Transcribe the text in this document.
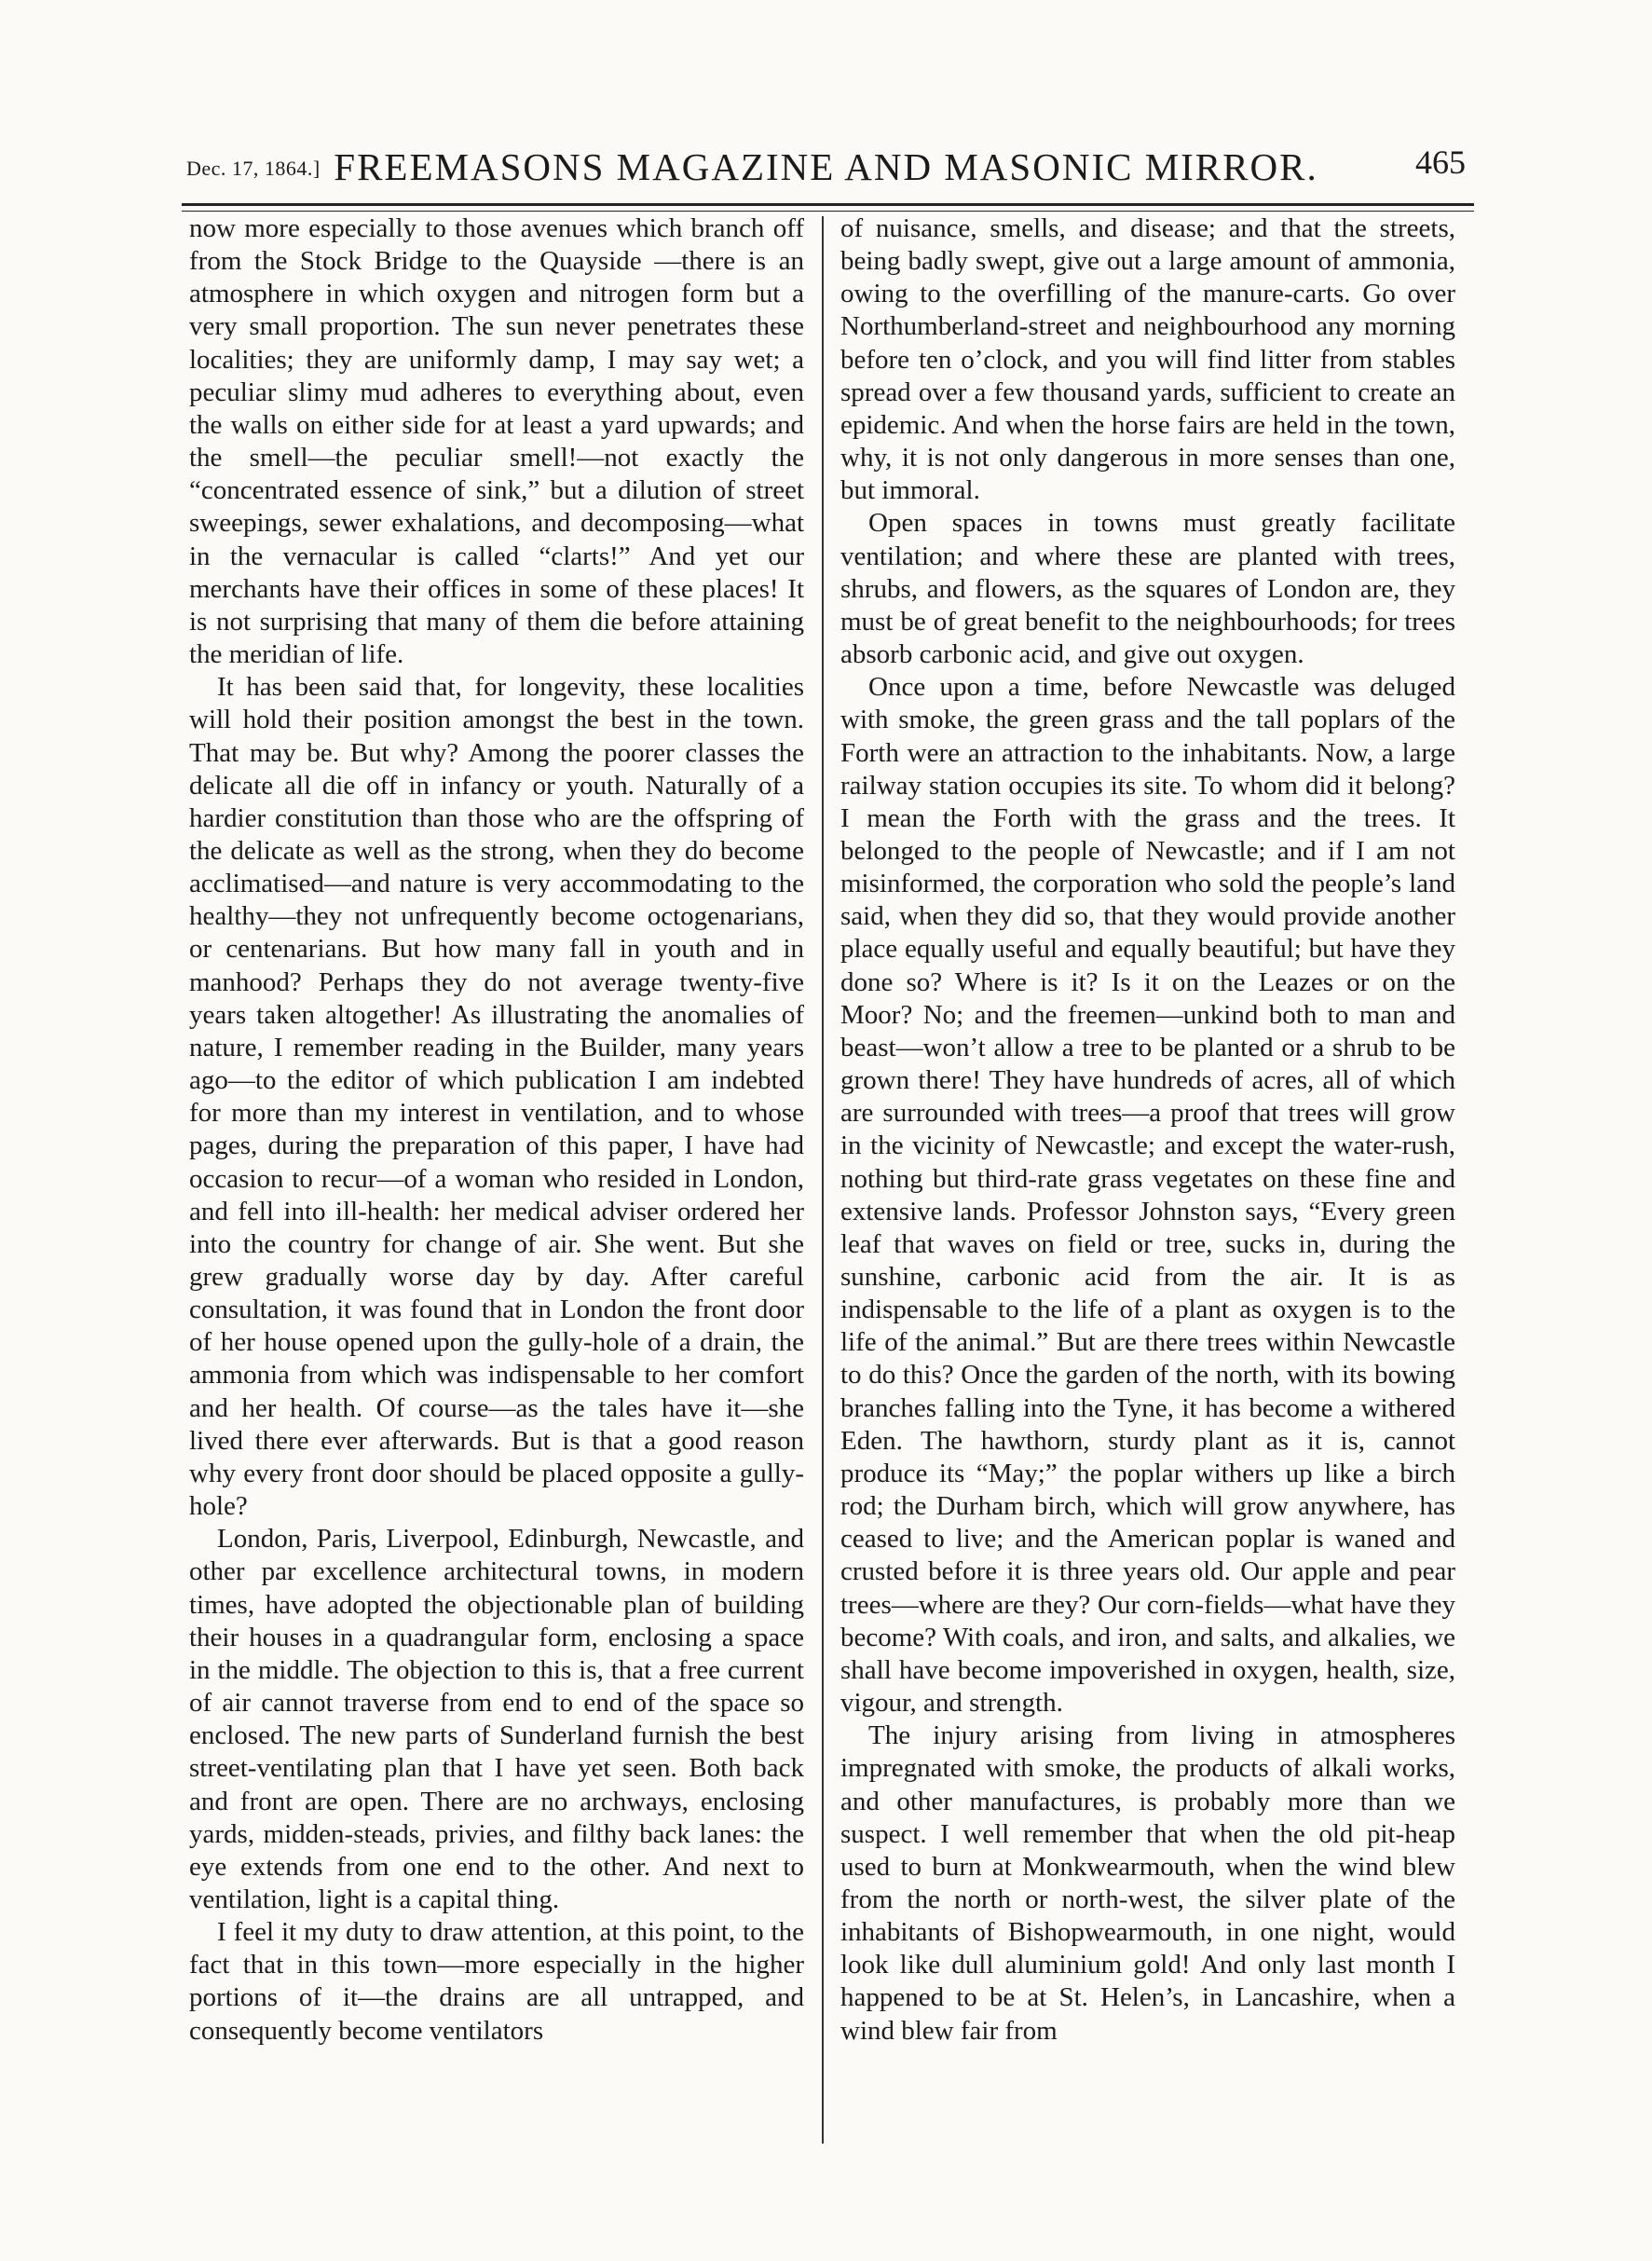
Dec. 17, 1864.] FREEMASONS MAGAZINE AND MASONIC MIRROR.	465

now more especially to those avenues which branch off from the Stock Bridge to the Quayside —there is an atmosphere in which oxygen and nitrogen form but a very small proportion. The sun never penetrates these localities; they are uniformly damp, I may say wet; a peculiar slimy mud adheres to everything about, even the walls on either side for at least a yard upwards; and the smell—the peculiar smell!—not exactly the “concentrated essence of sink,” but a dilution of street sweepings, sewer exhalations, and decomposing—what in the vernacular is called “clarts!” And yet our merchants have their offices in some of these places! It is not surprising that many of them die before attaining the meridian of life.

It has been said that, for longevity, these localities will hold their position amongst the best in the town. That may be. But why? Among the poorer classes the delicate all die off in infancy or youth. Naturally of a hardier constitution than those who are the offspring of the delicate as well as the strong, when they do become acclimatised—and nature is very accommodating to the healthy—they not unfrequently become octogenarians, or centenarians. But how many fall in youth and in manhood? Perhaps they do not average twenty-five years taken altogether! As illustrating the anomalies of nature, I remember reading in the Builder, many years ago—to the editor of which publication I am indebted for more than my interest in ventilation, and to whose pages, during the preparation of this paper, I have had occasion to recur—of a woman who resided in London, and fell into ill-health: her medical adviser ordered her into the country for change of air. She went. But she grew gradually worse day by day. After careful consultation, it was found that in London the front door of her house opened upon the gully-hole of a drain, the ammonia from which was indispensable to her comfort and her health. Of course—as the tales have it—she lived there ever afterwards. But is that a good reason why every front door should be placed opposite a gully-hole?

London, Paris, Liverpool, Edinburgh, Newcastle, and other par excellence architectural towns, in modern times, have adopted the objectionable plan of building their houses in a quadrangular form, enclosing a space in the middle. The objection to this is, that a free current of air cannot traverse from end to end of the space so enclosed. The new parts of Sunderland furnish the best street-ventilating plan that I have yet seen. Both back and front are open. There are no archways, enclosing yards, midden-steads, privies, and filthy back lanes: the eye extends from one end to the other. And next to ventilation, light is a capital thing.

I feel it my duty to draw attention, at this point, to the fact that in this town—more especially in the higher portions of it—the drains are all untrapped, and consequently become ventilators

of nuisance, smells, and disease; and that the streets, being badly swept, give out a large amount of ammonia, owing to the overfilling of the manure-carts. Go over Northumberland-street and neighbourhood any morning before ten o’clock, and you will find litter from stables spread over a few thousand yards, sufficient to create an epidemic. And when the horse fairs are held in the town, why, it is not only dangerous in more senses than one, but immoral.

Open spaces in towns must greatly facilitate ventilation; and where these are planted with trees, shrubs, and flowers, as the squares of London are, they must be of great benefit to the neighbourhoods; for trees absorb carbonic acid, and give out oxygen.

Once upon a time, before Newcastle was deluged with smoke, the green grass and the tall poplars of the Forth were an attraction to the inhabitants. Now, a large railway station occupies its site. To whom did it belong? I mean the Forth with the grass and the trees. It belonged to the people of Newcastle; and if I am not misinformed, the corporation who sold the people’s land said, when they did so, that they would provide another place equally useful and equally beautiful; but have they done so? Where is it? Is it on the Leazes or on the Moor? No; and the freemen—unkind both to man and beast—won’t allow a tree to be planted or a shrub to be grown there! They have hundreds of acres, all of which are surrounded with trees—a proof that trees will grow in the vicinity of Newcastle; and except the water-rush, nothing but third-rate grass vegetates on these fine and extensive lands. Professor Johnston says, “Every green leaf that waves on field or tree, sucks in, during the sunshine, carbonic acid from the air. It is as indispensable to the life of a plant as oxygen is to the life of the animal.” But are there trees within Newcastle to do this? Once the garden of the north, with its bowing branches falling into the Tyne, it has become a withered Eden. The hawthorn, sturdy plant as it is, cannot produce its “May;” the poplar withers up like a birch rod; the Durham birch, which will grow anywhere, has ceased to live; and the American poplar is waned and crusted before it is three years old. Our apple and pear trees—where are they? Our corn-fields—what have they become? With coals, and iron, and salts, and alkalies, we shall have become impoverished in oxygen, health, size, vigour, and strength.

The injury arising from living in atmospheres impregnated with smoke, the products of alkali works, and other manufactures, is probably more than we suspect. I well remember that when the old pit-heap used to burn at Monkwearmouth, when the wind blew from the north or north-west, the silver plate of the inhabitants of Bishopwearmouth, in one night, would look like dull aluminium gold! And only last month I happened to be at St. Helen’s, in Lancashire, when a wind blew fair from
